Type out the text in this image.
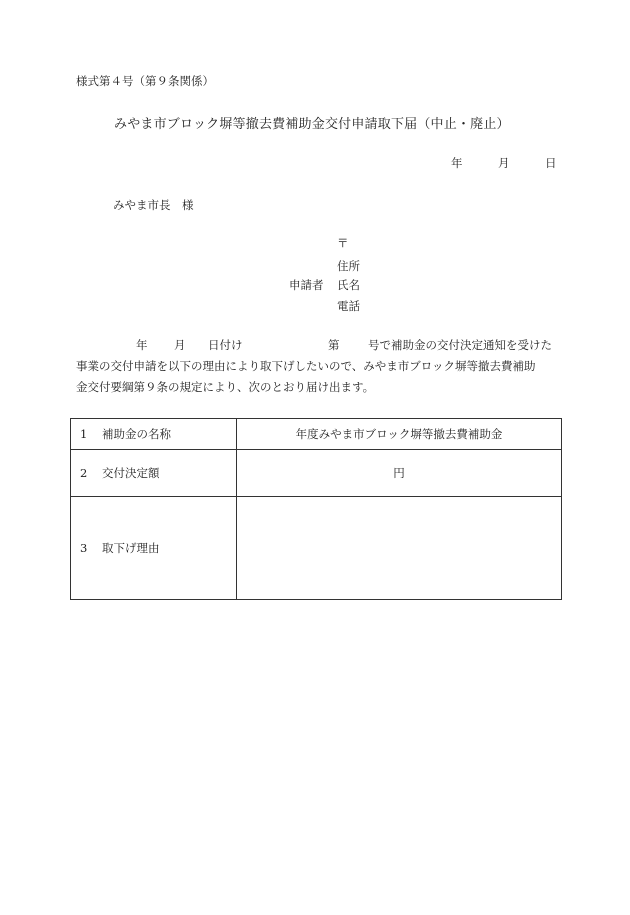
様式第４号（第９条関係）
みやま市ブロック塀等撤去費補助金交付申請取下届（中止・廃止）
年	月	日
みやま市長　様
〒
住所
申請者 氏名
電話
年 月 日付け	第 号で補助金の交付決定通知を受けた
事業の交付申請を以下の理由により取下げしたいので、みやま市ブロック塀等撤去費補助
金交付要綱第９条の規定により、次のとおり届け出ます。
1 補助金の名称	年度みやま市ブロック塀等撤去費補助金
2 交付決定額	円
3 取下げ理由	
